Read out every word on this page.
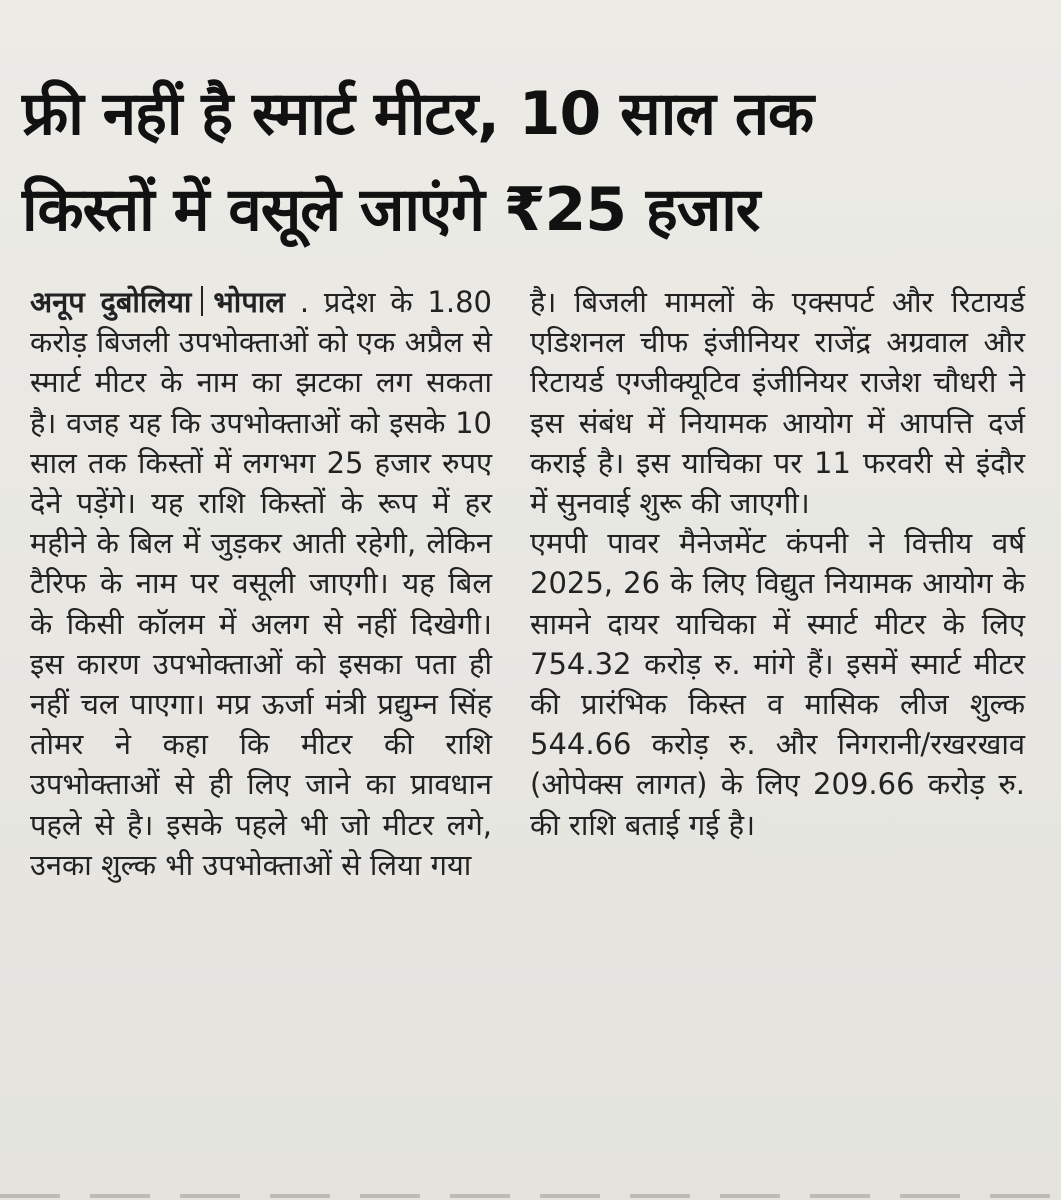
फ्री नहीं है स्मार्ट मीटर, 10 साल तक
किस्तों में वसूले जाएंगे ₹25 हजार

अनूप दुबोलिया भोपाल . प्रदेश के 1.80 करोड़ बिजली उपभोक्ताओं को एक अप्रैल से स्मार्ट मीटर के नाम का झटका लग सकता है। वजह यह कि उपभोक्ताओं को इसके 10 साल तक किस्तों में लगभग 25 हजार रुपए देने पड़ेंगे। यह राशि किस्तों के रूप में हर महीने के बिल में जुड़कर आती रहेगी, लेकिन टैरिफ के नाम पर वसूली जाएगी। यह बिल के किसी कॉलम में अलग से नहीं दिखेगी। इस कारण उपभोक्ताओं को इसका पता ही नहीं चल पाएगा। मप्र ऊर्जा मंत्री प्रद्युम्न सिंह तोमर ने कहा कि मीटर की राशि उपभोक्ताओं से ही लिए जाने का प्रावधान पहले से है। इसके पहले भी जो मीटर लगे, उनका शुल्क भी उपभोक्ताओं से लिया गया

है। बिजली मामलों के एक्सपर्ट और रिटायर्ड एडिशनल चीफ इंजीनियर राजेंद्र अग्रवाल और रिटायर्ड एग्जीक्यूटिव इंजीनियर राजेश चौधरी ने इस संबंध में नियामक आयोग में आपत्ति दर्ज कराई है। इस याचिका पर 11 फरवरी से इंदौर में सुनवाई शुरू की जाएगी।

एमपी पावर मैनेजमेंट कंपनी ने वित्तीय वर्ष 2025, 26 के लिए विद्युत नियामक आयोग के सामने दायर याचिका में स्मार्ट मीटर के लिए 754.32 करोड़ रु. मांगे हैं। इसमें स्मार्ट मीटर की प्रारंभिक किस्त व मासिक लीज शुल्क 544.66 करोड़ रु. और निगरानी/रखरखाव (ओपेक्स लागत) के लिए 209.66 करोड़ रु. की राशि बताई गई है।
